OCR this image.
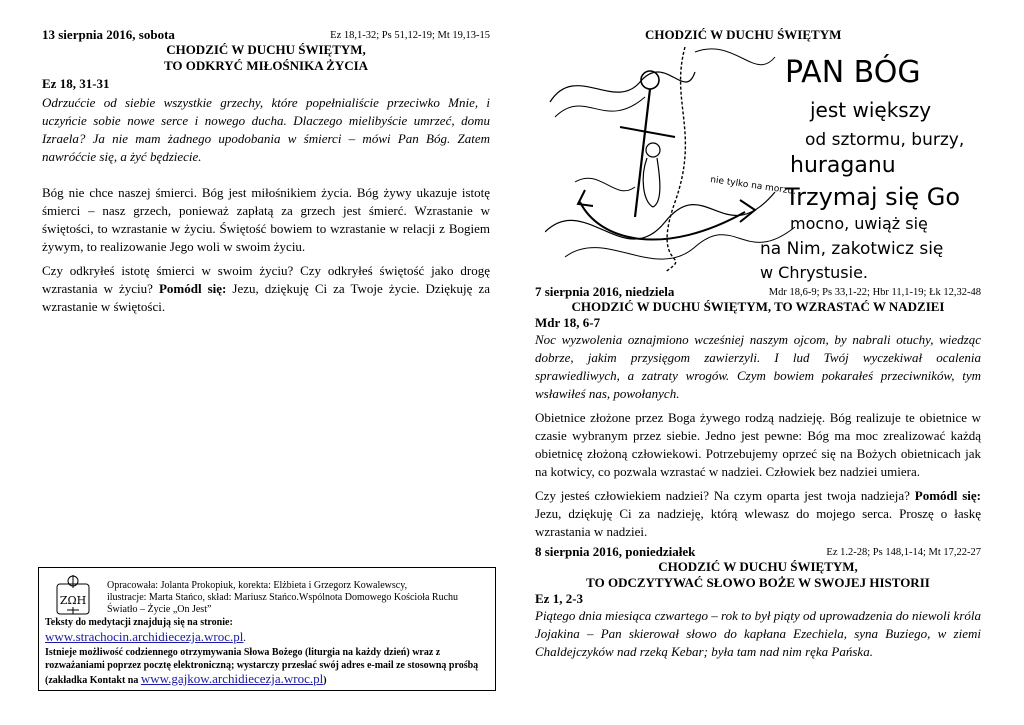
13 sierpnia 2016, sobota	Ez 18,1-32; Ps 51,12-19; Mt 19,13-15
CHODZIĆ W DUCHU ŚWIĘTYM,
TO ODKRYĆ MIŁOŚNIKA ŻYCIA
Ez 18, 31-31
Odrzućcie od siebie wszystkie grzechy, które popełnialiście przeciwko Mnie, i uczyńcie sobie nowe serce i nowego ducha. Dlaczego mielibyście umrzeć, domu Izraela? Ja nie mam żadnego upodobania w śmierci – mówi Pan Bóg. Zatem nawróćcie się, a żyć będziecie.
Bóg nie chce naszej śmierci. Bóg jest miłośnikiem życia. Bóg żywy ukazuje istotę śmierci – nasz grzech, ponieważ zapłatą za grzech jest śmierć. Wzrastanie w świętości, to wzrastanie w życiu. Świętość bowiem to wzrastanie w relacji z Bogiem żywym, to realizowanie Jego woli w swoim życiu.
Czy odkryłeś istotę śmierci w swoim życiu? Czy odkryłeś świętość jako drogę wzrastania w życiu? Pomódl się: Jezu, dziękuję Ci za Twoje życie. Dziękuję za wzrastanie w świętości.
ΖΩΗ
Opracowała: Jolanta Prokopiuk, korekta: Elżbieta i Grzegorz Kowalewscy,
ilustracje: Marta Stańco, skład: Mariusz Stańco.Wspólnota Domowego Kościoła Ruchu Światło – Życie „On Jest”
Teksty do medytacji znajdują się na stronie:
www.strachocin.archidiecezja.wroc.pl.
Istnieje możliwość codziennego otrzymywania Słowa Bożego (liturgia na każdy dzień) wraz z rozważaniami poprzez pocztę elektroniczną; wystarczy przesłać swój adres e-mail ze stosowną prośbą (zakładka Kontakt na www.gajkow.archidiecezja.wroc.pl)
CHODZIĆ W DUCHU ŚWIĘTYM
PAN BÓG
jest większy
od sztormu, burzy,
huraganu
nie tylko na morzu.
Trzymaj się Go
mocno, uwiąż się
na Nim, zakotwicz się
w Chrystusie.
7 sierpnia 2016, niedziela	Mdr 18,6-9; Ps 33,1-22; Hbr 11,1-19; Łk 12,32-48
CHODZIĆ W DUCHU ŚWIĘTYM, TO WZRASTAĆ W NADZIEI
Mdr 18, 6-7
Noc wyzwolenia oznajmiono wcześniej naszym ojcom, by nabrali otuchy, wiedząc dobrze, jakim przysięgom zawierzyli. I lud Twój wyczekiwał ocalenia sprawiedliwych, a zatraty wrogów. Czym bowiem pokarałeś przeciwników, tym wsławiłeś nas, powołanych.
Obietnice złożone przez Boga żywego rodzą nadzieję. Bóg realizuje te obietnice w czasie wybranym przez siebie. Jedno jest pewne: Bóg ma moc zrealizować każdą obietnicę złożoną człowiekowi. Potrzebujemy oprzeć się na Bożych obietnicach jak na kotwicy, co pozwala wzrastać w nadziei. Człowiek bez nadziei umiera.
Czy jesteś człowiekiem nadziei? Na czym oparta jest twoja nadzieja? Pomódl się: Jezu, dziękuję Ci za nadzieję, którą wlewasz do mojego serca. Proszę o łaskę wzrastania w nadziei.
8 sierpnia 2016, poniedziałek	Ez 1.2-28; Ps 148,1-14; Mt 17,22-27
CHODZIĆ W DUCHU ŚWIĘTYM,
TO ODCZYTYWAĆ SŁOWO BOŻE W SWOJEJ HISTORII
Ez 1, 2-3
Piątego dnia miesiąca czwartego – rok to był piąty od uprowadzenia do niewoli króla Jojakina – Pan skierował słowo do kapłana Ezechiela, syna Buziego, w ziemi Chaldejczyków nad rzeką Kebar; była tam nad nim ręka Pańska.
